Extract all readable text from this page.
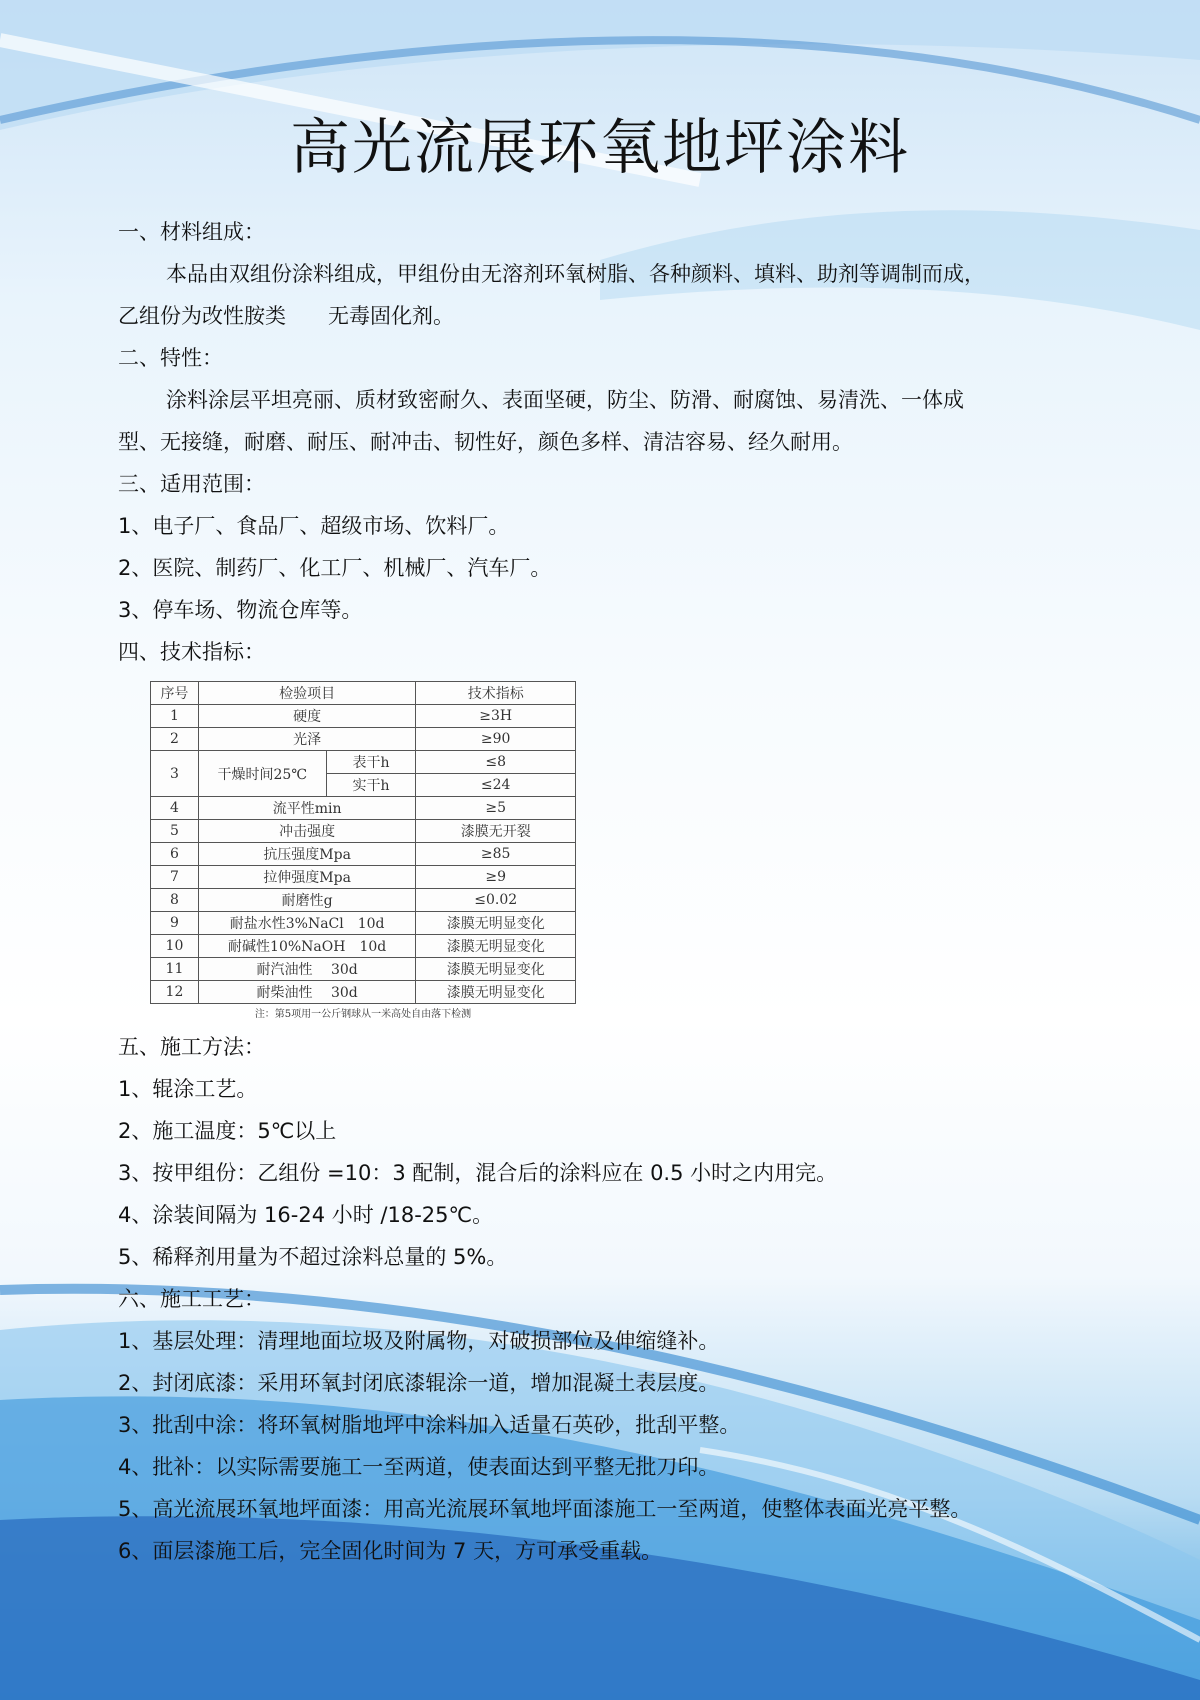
高光流展环氧地坪涂料
一、材料组成：
本品由双组份涂料组成，甲组份由无溶剂环氧树脂、各种颜料、填料、助剂等调制而成，
乙组份为改性胺类　　无毒固化剂。
二、特性：
涂料涂层平坦亮丽、质材致密耐久、表面坚硬，防尘、防滑、耐腐蚀、易清洗、一体成
型、无接缝，耐磨、耐压、耐冲击、韧性好，颜色多样、清洁容易、经久耐用。
三、适用范围：
1、电子厂、食品厂、超级市场、饮料厂。
2、医院、制药厂、化工厂、机械厂、汽车厂。
3、停车场、物流仓库等。
四、技术指标：
序号	检验项目		技术指标
1	硬度		≥3H
2	光泽		≥90
3	干燥时间25℃	表干h	≤8
		实干h	≤24
4	流平性min		≥5
5	冲击强度		漆膜无开裂
6	抗压强度Mpa		≥85
7	拉伸强度Mpa		≥9
8	耐磨性g		≤0.02
9	耐盐水性3%NaCl　10d		漆膜无明显变化
10	耐碱性10%NaOH　10d		漆膜无明显变化
11	耐汽油性　 30d		漆膜无明显变化
12	耐柴油性　 30d		漆膜无明显变化
注：第5项用一公斤钢球从一米高处自由落下检测
五、施工方法：
1、辊涂工艺。
2、施工温度：5℃以上
3、按甲组份：乙组份 =10：3 配制，混合后的涂料应在 0.5 小时之内用完。
4、涂装间隔为 16-24 小时 /18-25℃。
5、稀释剂用量为不超过涂料总量的 5%。
六、施工工艺：
1、基层处理：清理地面垃圾及附属物，对破损部位及伸缩缝补。
2、封闭底漆：采用环氧封闭底漆辊涂一道，增加混凝土表层度。
3、批刮中涂：将环氧树脂地坪中涂料加入适量石英砂，批刮平整。
4、批补：以实际需要施工一至两道，使表面达到平整无批刀印。
5、高光流展环氧地坪面漆：用高光流展环氧地坪面漆施工一至两道，使整体表面光亮平整。
6、面层漆施工后，完全固化时间为 7 天，方可承受重载。
